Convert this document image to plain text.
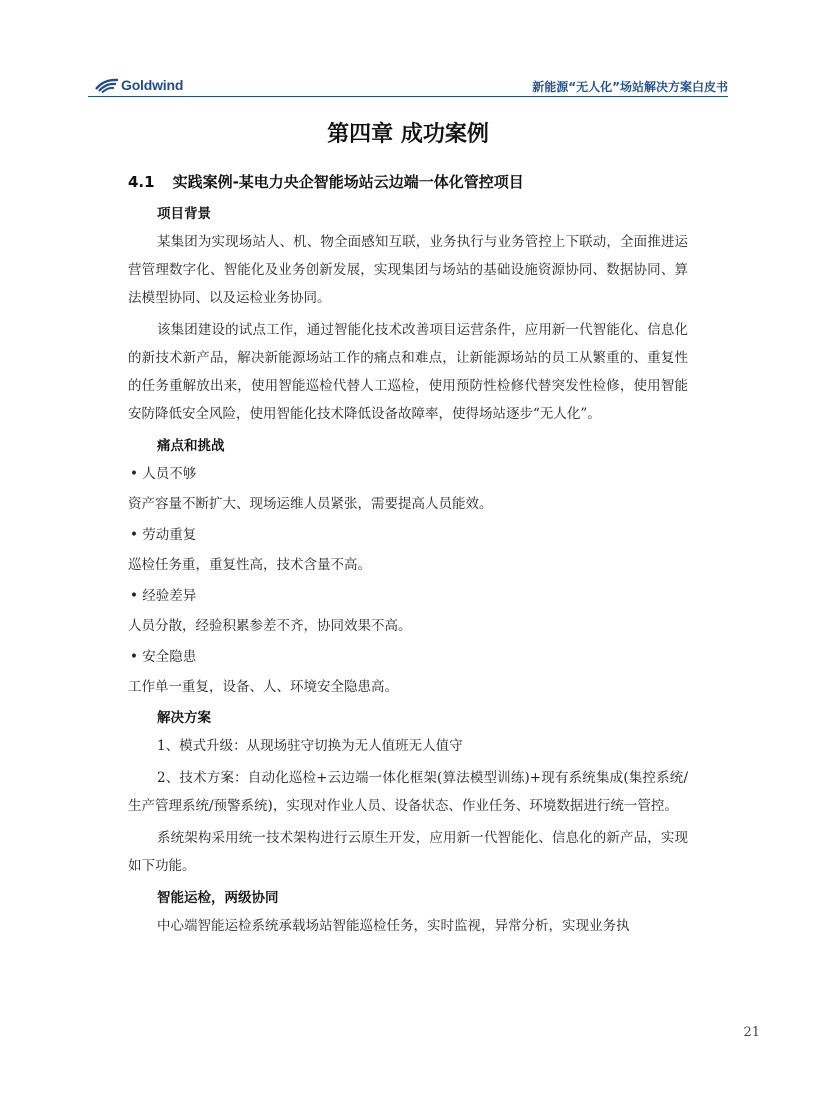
Goldwind	新能源“无人化”场站解决方案白皮书
第四章 成功案例
4.1 实践案例-某电力央企智能场站云边端一体化管控项目
项目背景
某集团为实现场站人、机、物全面感知互联，业务执行与业务管控上下联动，全面推进运营管理数字化、智能化及业务创新发展，实现集团与场站的基础设施资源协同、数据协同、算法模型协同、以及运检业务协同。
该集团建设的试点工作，通过智能化技术改善项目运营条件，应用新一代智能化、信息化的新技术新产品，解决新能源场站工作的痛点和难点，让新能源场站的员工从繁重的、重复性的任务重解放出来，使用智能巡检代替人工巡检，使用预防性检修代替突发性检修，使用智能安防降低安全风险，使用智能化技术降低设备故障率，使得场站逐步“无人化”。
痛点和挑战
• 人员不够
资产容量不断扩大、现场运维人员紧张，需要提高人员能效。
• 劳动重复
巡检任务重，重复性高，技术含量不高。
• 经验差异
人员分散，经验积累参差不齐，协同效果不高。
• 安全隐患
工作单一重复，设备、人、环境安全隐患高。
解决方案
1、模式升级：从现场驻守切换为无人值班无人值守
2、技术方案：自动化巡检+云边端一体化框架(算法模型训练)+现有系统集成(集控系统/生产管理系统/预警系统)，实现对作业人员、设备状态、作业任务、环境数据进行统一管控。
系统架构采用统一技术架构进行云原生开发，应用新一代智能化、信息化的新产品，实现如下功能。
智能运检，两级协同
中心端智能运检系统承载场站智能巡检任务，实时监视，异常分析，实现业务执
21
